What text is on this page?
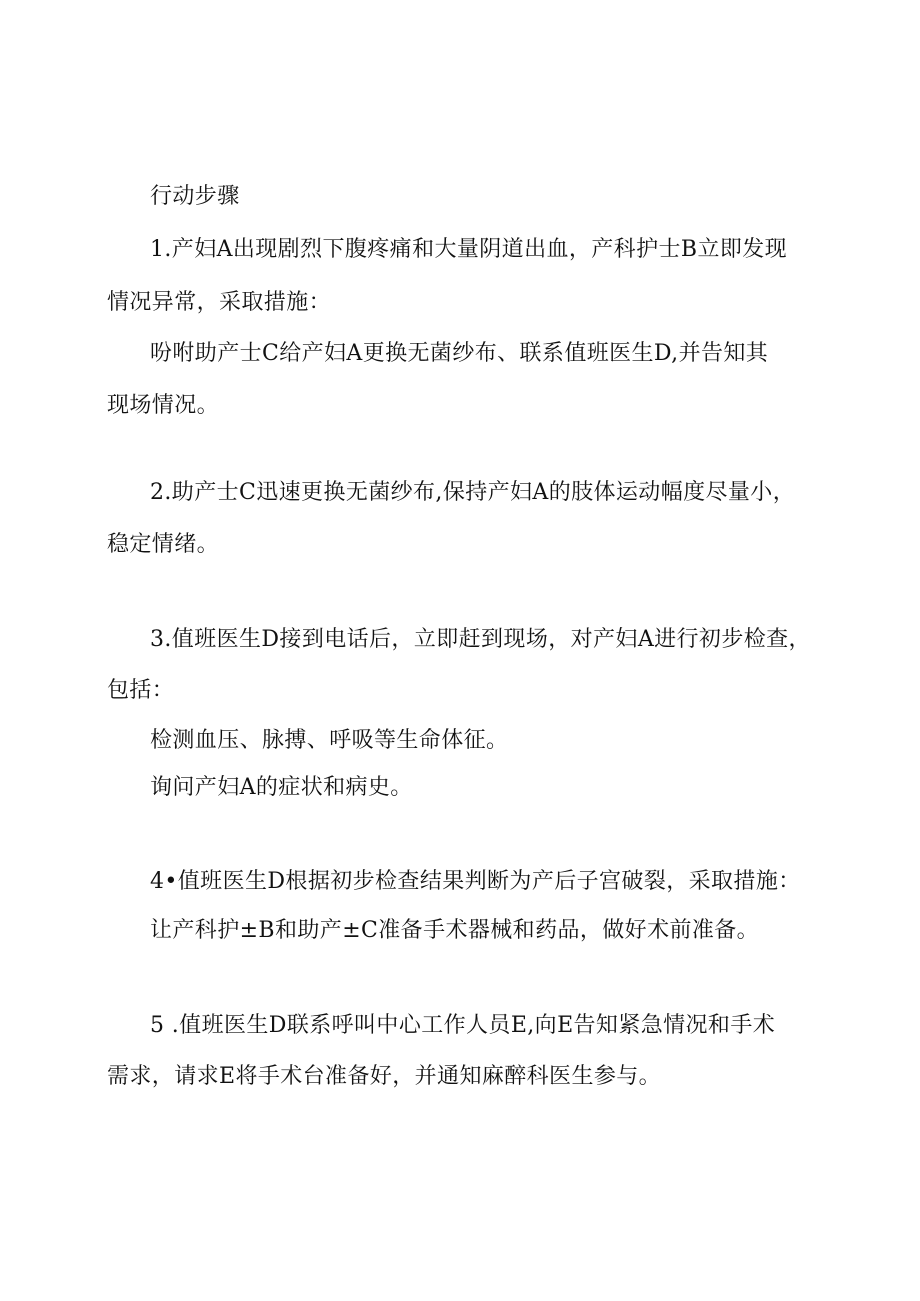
行动步骤
1.产妇A出现剧烈下腹疼痛和大量阴道出血，产科护士B立即发现
情况异常，采取措施：
吩咐助产士C给产妇A更换无菌纱布、联系值班医生D,并告知其
现场情况。
2.助产士C迅速更换无菌纱布,保持产妇A的肢体运动幅度尽量小，
稳定情绪。
3.值班医生D接到电话后，立即赶到现场，对产妇A进行初步检查，
包括：
检测血压、脉搏、呼吸等生命体征。
询问产妇A的症状和病史。
4•值班医生D根据初步检查结果判断为产后子宫破裂，采取措施：
让产科护±B和助产±C准备手术器械和药品，做好术前准备。
5 .值班医生D联系呼叫中心工作人员E,向E告知紧急情况和手术
需求，请求E将手术台准备好，并通知麻醉科医生参与。
